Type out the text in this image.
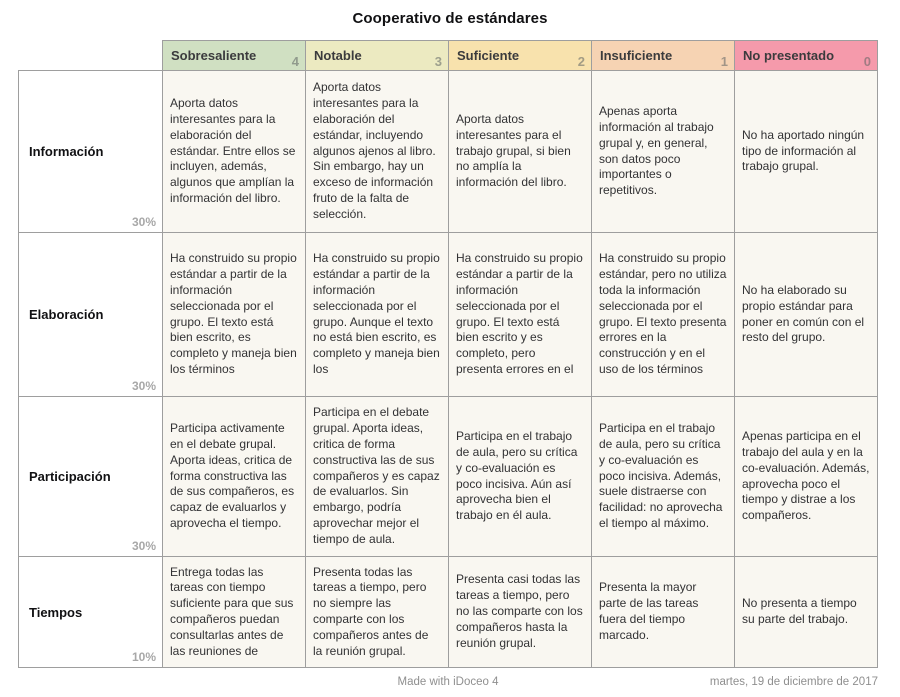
Cooperativo de estándares
	Sobresaliente 4	Notable 3	Suficiente 2	Insuficiente 1	No presentado 0

Información
30%	Aporta datos interesantes para la elaboración del estándar. Entre ellos se incluyen, además, algunos que amplían la información del libro.	Aporta datos interesantes para la elaboración del estándar, incluyendo algunos ajenos al libro. Sin embargo, hay un exceso de información fruto de la falta de selección.	Aporta datos interesantes para el trabajo grupal, si bien no amplía la información del libro.	Apenas aporta información al trabajo grupal y, en general, son datos poco importantes o repetitivos.	No ha aportado ningún tipo de información al trabajo grupal.

Elaboración
30%	Ha construido su propio estándar a partir de la información seleccionada por el grupo. El texto está bien escrito, es completo y maneja bien los términos	Ha construido su propio estándar a partir de la información seleccionada por el grupo. Aunque el texto no está bien escrito, es completo y maneja bien los	Ha construido su propio estándar a partir de la información seleccionada por el grupo. El texto está bien escrito y es completo, pero presenta errores en el	Ha construido su propio estándar, pero no utiliza toda la información seleccionada por el grupo. El texto presenta errores en la construcción y en el uso de los términos	No ha elaborado su propio estándar para poner en común con el resto del grupo.

Participación
30%	Participa activamente en el debate grupal. Aporta ideas, critica de forma constructiva las de sus compañeros, es capaz de evaluarlos y aprovecha el tiempo.	Participa en el debate grupal. Aporta ideas, critica de forma constructiva las de sus compañeros y es capaz de evaluarlos. Sin embargo, podría aprovechar mejor el tiempo de aula.	Participa en el trabajo de aula, pero su crítica y co-evaluación es poco incisiva. Aún así aprovecha bien el trabajo en él aula.	Participa en el trabajo de aula, pero su crítica y co-evaluación es poco incisiva. Además, suele distraerse con facilidad: no aprovecha el tiempo al máximo.	Apenas participa en el trabajo del aula y en la co-evaluación. Además, aprovecha poco el tiempo y distrae a los compañeros.

Tiempos
10%	Entrega todas las tareas con tiempo suficiente para que sus compañeros puedan consultarlas antes de las reuniones de	Presenta todas las tareas a tiempo, pero no siempre las comparte con los compañeros antes de la reunión grupal.	Presenta casi todas las tareas a tiempo, pero no las comparte con los compañeros hasta la reunión grupal.	Presenta la mayor parte de las tareas fuera del tiempo marcado.	No presenta a tiempo su parte del trabajo.
Made with iDoceo 4	martes, 19 de diciembre de 2017
